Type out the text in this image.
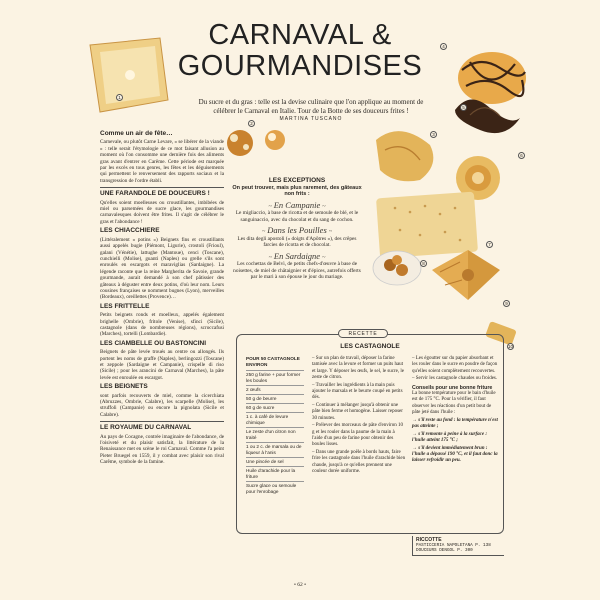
CARNAVAL &
GOURMANDISES
Du sucre et du gras : telle est la devise culinaire que l'on applique au moment de célébrer le Carnaval en Italie. Tour de la Botte de ses douceurs frites !
MARTINA TUSCANO
1
2
3
4
5
6
7
8
9
10
Comme un air de fête…

Carnevale, ou plutôt Carne Levare, « se libérer de la viande » : telle serait l'étymologie de ce mot faisant allusion au moment où l'on consomme une dernière fois des aliments gras avant d'entrer en Carême. Cette période est marquée par les excès en tous genres, les fêtes et les déguisements qui permettent le renversement des rapports sociaux et la transgression de l'ordre établi.

UNE FARANDOLE DE DOUCEURS !

Qu'elles soient moelleuses ou croustillantes, imbibées de miel ou parsemées de sucre glace, les gourmandises carnavalesques doivent être frites. Il s'agit de célébrer le gras et l'abondance !

LES CHIACCHIERE

(Littéralement « potins ») Beignets fins et croustillants aussi appelés bugie (Piémont, Ligurie), crostoli (Frioul), galani (Vénétie), lattughe (Mantoue), cenci (Toscane), cunchielli (Molise), guanti (Naples) ou grelle s'ils sont enroulés en escargots et maraviglias (Sardaigne). La légende raconte que la reine Margherita de Savoie, grande gourmande, aurait demandé à son chef pâtissier des gâteaux à déguster entre deux potins, d'où leur nom. Leurs cousines françaises se nomment bugnes (Lyon), merveilles (Bordeaux), oreillettes (Provence)…

LES FRITTELLE

Petits beignets ronds et moelleux, appelés également brighelle (Ombrie), fritole (Venise), sfinci (Sicile), castagnole (dans de nombreuses régions), scroccafusi (Marches), tortelli (Lombardie).

LES CIAMBELLE OU BASTONCINI

Beignets de pâte levée troués au centre ou allongés. Ils portent les noms de graffe (Naples), berlingozzi (Toscane) et zeppole (Sardaigne et Campanie), crispelle di riso (Sicile) ; pour les arancini de Carnaval (Marches), la pâte levée est enroulée en escargot.

LES BEIGNETS

sont parfois recouverts de miel, comme la cicerchiata (Abruzzes, Ombrie, Calabre), les scarpelle (Molise), les struffoli (Campanie) ou encore la pignolata (Sicile et Calabre).

LE ROYAUME DU CARNAVAL

Au pays de Cocagne, contrée imaginaire de l'abondance, de l'oisiveté et du plaisir satisfait, la littérature de la Renaissance met en scène le roi Carnaval. Comme l'a peint Pieter Bruegel en 1559, il y combat avec plaisir son rival Carême, symbole de la famine.

LES EXCEPTIONS
On peut trouver, mais plus rarement, des gâteaux non frits :
~ En Campanie ~
Le migliaccio, à base de ricotta et de semoule de blé, et le sanguinaccio, avec du chocolat et du sang de cochon.
~ Dans les Pouilles ~
Les dita degli apostoli (« doigts d'Apôtres »), des crêpes farcies de ricotta et de chocolat.
~ En Sardaigne ~
Les cochettas de Belvì, de petits chefs-d'œuvre à base de noisettes, de miel de châtaignier et d'épices, autrefois offerts par le mari à son épouse le jour du mariage.
RECETTE
LES CASTAGNOLE
POUR 50 CASTAGNOLE ENVIRON
250 g farine + pour former les boules
2 œufs
50 g de beurre
60 g de sucre
1 c. à café de levure chimique
Le zeste d'un citron non traité
1 ou 2 c. de marsala ou de liqueur à l'anis
Une pincée de sel
Huile d'arachide pour la friture
Sucre glace ou semoule pour l'enrobage

– Sur un plan de travail, déposer la farine tamisée avec la levure et former un puits haut et large. Y déposer les œufs, le sel, le sucre, le zeste de citron.

– Travailler les ingrédients à la main puis ajouter le marsala et le beurre coupé en petits dés.

– Continuer à mélanger jusqu'à obtenir une pâte bien ferme et homogène. Laisser reposer 30 minutes.

– Prélever des morceaux de pâte d'environ 10 g et les rouler dans la paume de la main à l'aide d'un peu de farine pour obtenir des boules lisses.

– Dans une grande poêle à bords hauts, faire frire les castagnole dans l'huile d'arachide bien chaude, jusqu'à ce qu'elles prennent une couleur dorée uniforme.

– Les égoutter sur du papier absorbant et les rouler dans le sucre en poudre de façon qu'elles soient complètement recouvertes.

– Servir les castagnole chaudes ou froides.

Conseils pour une bonne friture

La bonne température pour le bain d'huile est de 175 °C. Pour la vérifier, il faut observer les réactions d'un petit bout de pâte jeté dans l'huile :

→ s'il reste au fond : la température n'est pas atteinte ;

→ s'il remonte à peine à la surface : l'huile atteint 175 °C ;

→ s'il devient immédiatement brun : l'huile a dépassé 190 °C, et il faut donc la laisser refroidir un peu.

RICCOTTE
PASTICCERIA NAPOLETANA P. 138
DOUCEURS DENGOL P. 300
• 62 •
